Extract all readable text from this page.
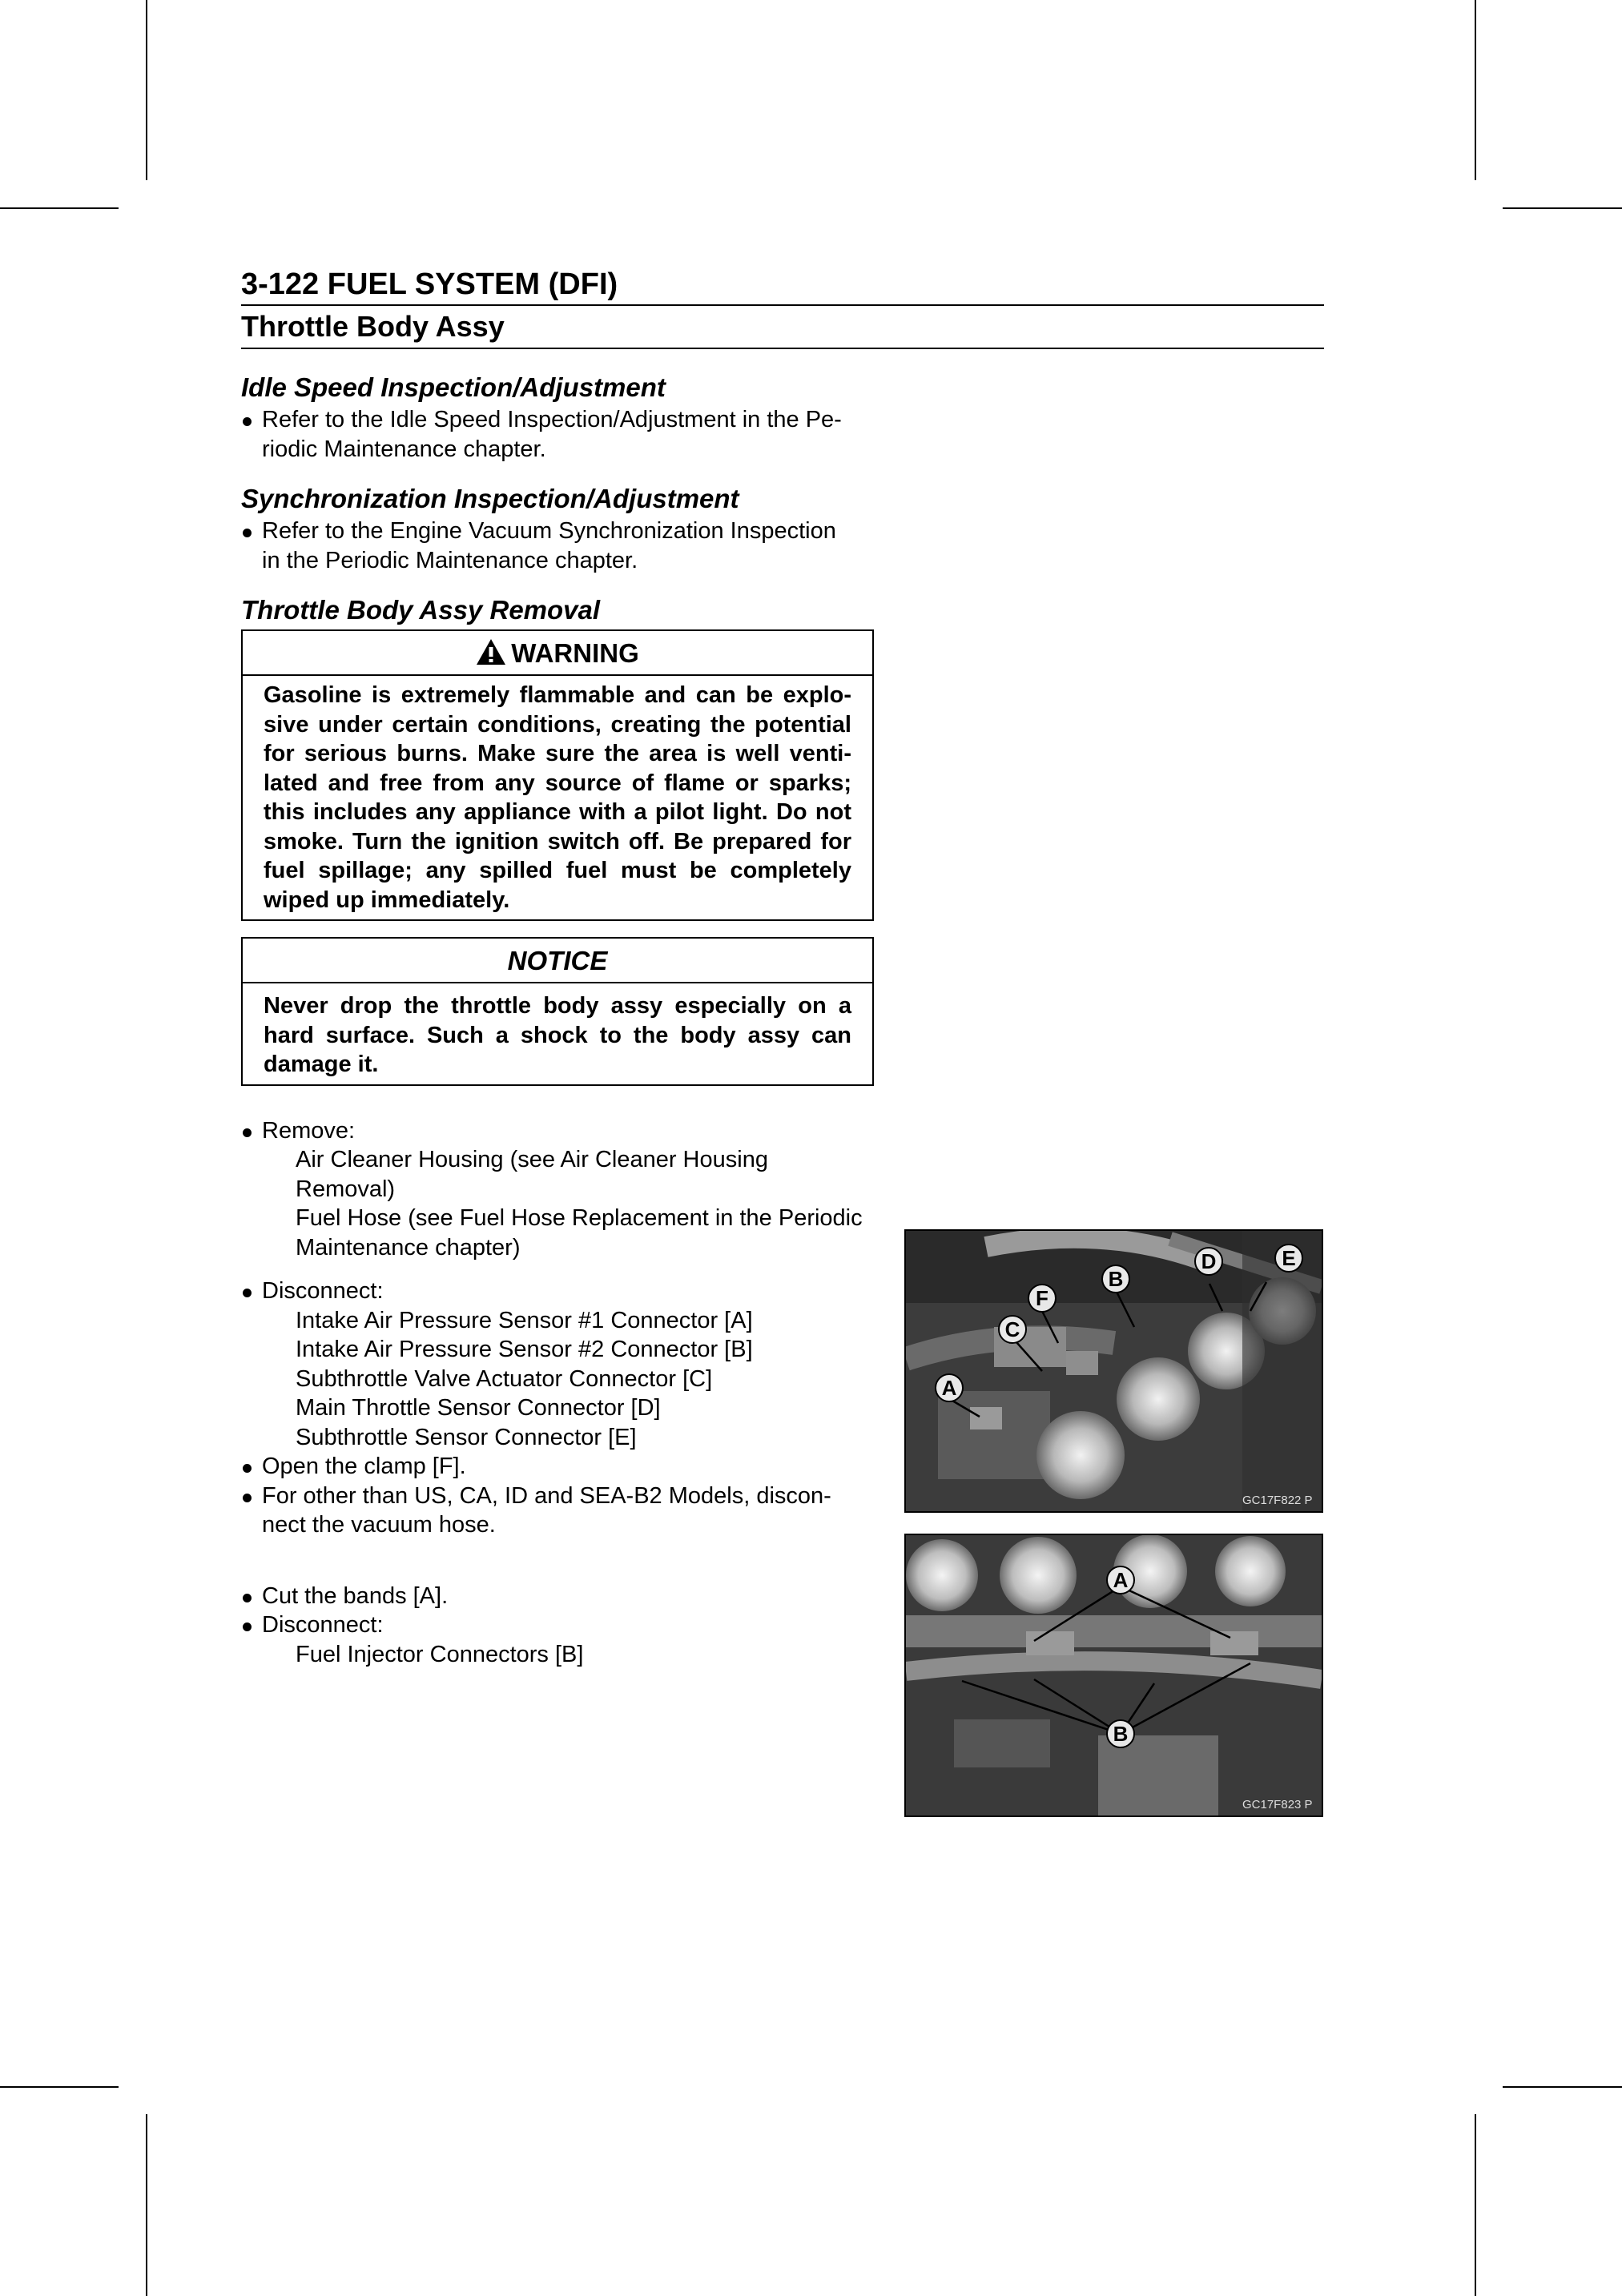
3-122 FUEL SYSTEM (DFI)
Throttle Body Assy
Idle Speed Inspection/Adjustment
Refer to the Idle Speed Inspection/Adjustment in the Pe-
riodic Maintenance chapter.
Synchronization Inspection/Adjustment
Refer to the Engine Vacuum Synchronization Inspection
in the Periodic Maintenance chapter.
Throttle Body Assy Removal
WARNING
Gasoline is extremely flammable and can be explo- sive under certain conditions, creating the potential for serious burns. Make sure the area is well venti- lated and free from any source of flame or sparks; this includes any appliance with a pilot light. Do not smoke. Turn the ignition switch off. Be prepared for fuel spillage; any spilled fuel must be completely wiped up immediately.
NOTICE
Never drop the throttle body assy especially on a hard surface. Such a shock to the body assy can damage it.
Remove:
Air Cleaner Housing (see Air Cleaner Housing Removal)
Fuel Hose (see Fuel Hose Replacement in the Periodic
Maintenance chapter)
Disconnect:
Intake Air Pressure Sensor #1 Connector [A]
Intake Air Pressure Sensor #2 Connector [B]
Subthrottle Valve Actuator Connector [C]
Main Throttle Sensor Connector [D]
Subthrottle Sensor Connector [E]
Open the clamp [F].
For other than US, CA, ID and SEA-B2 Models, discon-
nect the vacuum hose.
Cut the bands [A].
Disconnect:
Fuel Injector Connectors [B]
A
B
C
D	E
F
GC17F822 P
A
B
GC17F823 P
